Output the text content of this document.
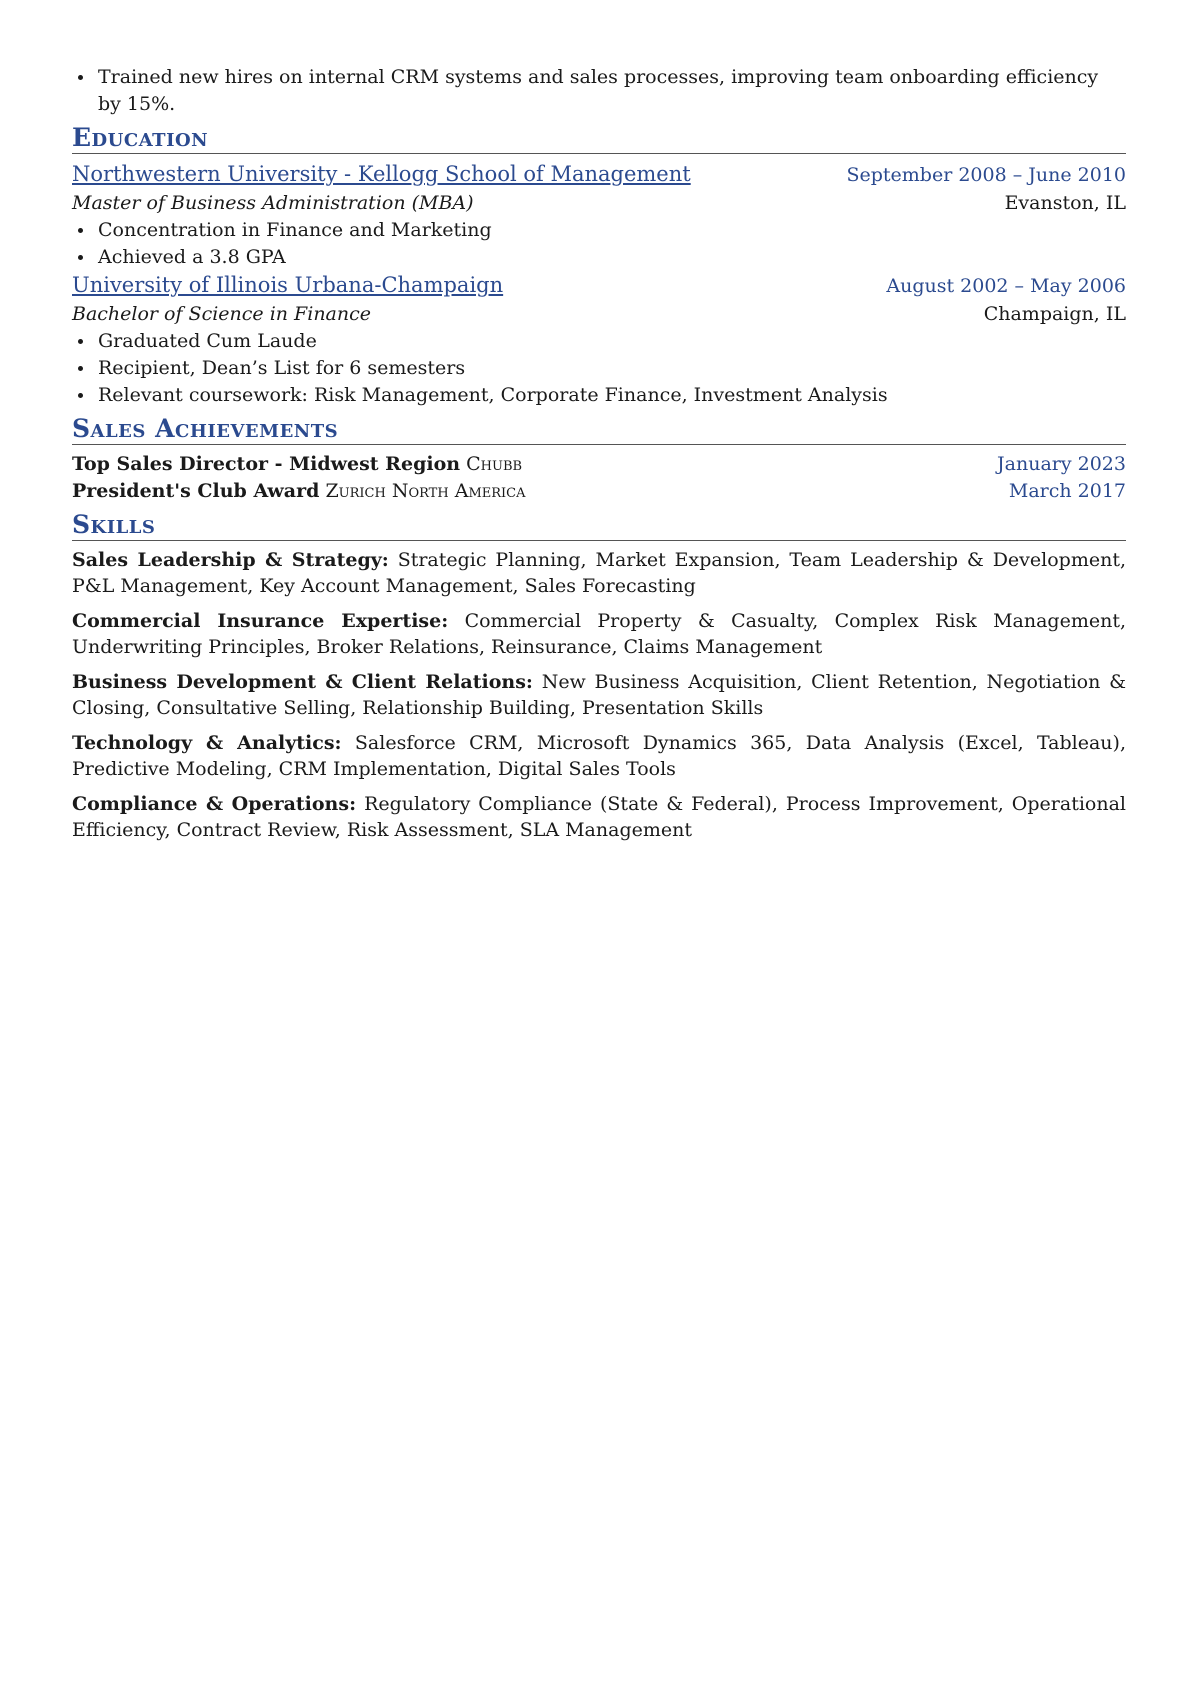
Trained new hires on internal CRM systems and sales processes, improving team onboarding efficiency by 15%.
Education
Northwestern University - Kellogg School of Management	September 2008 – June 2010
Master of Business Administration (MBA)	Evanston, IL
Concentration in Finance and Marketing
Achieved a 3.8 GPA
University of Illinois Urbana-Champaign	August 2002 – May 2006
Bachelor of Science in Finance	Champaign, IL
Graduated Cum Laude
Recipient, Dean’s List for 6 semesters
Relevant coursework: Risk Management, Corporate Finance, Investment Analysis
Sales Achievements
Top Sales Director - Midwest Region Chubb	January 2023
President's Club Award Zurich North America	March 2017
Skills

Sales Leadership & Strategy: Strategic Planning, Market Expansion, Team Leadership & Development, P&L Management, Key Account Management, Sales Forecasting

Commercial Insurance Expertise: Commercial Property & Casualty, Complex Risk Management, Underwriting Principles, Broker Relations, Reinsurance, Claims Management

Business Development & Client Relations: New Business Acquisition, Client Retention, Negotiation & Closing, Consultative Selling, Relationship Building, Presentation Skills

Technology & Analytics: Salesforce CRM, Microsoft Dynamics 365, Data Analysis (Excel, Tableau), Predictive Modeling, CRM Implementation, Digital Sales Tools

Compliance & Operations: Regulatory Compliance (State & Federal), Process Improvement, Operational Efficiency, Contract Review, Risk Assessment, SLA Management
